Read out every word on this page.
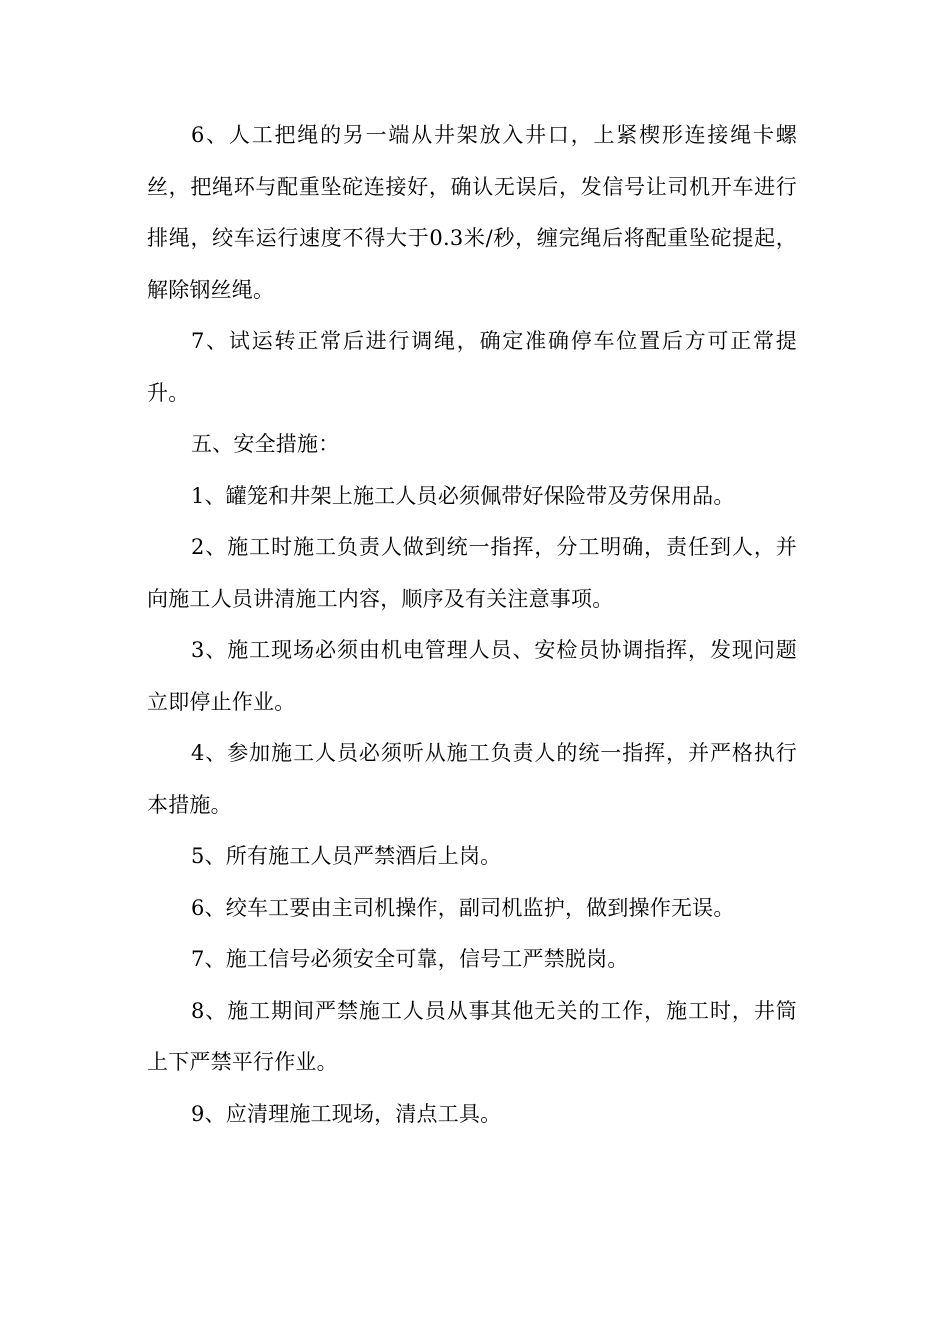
6、人工把绳的另一端从井架放入井口，上紧楔形连接绳卡螺丝，把绳环与配重坠砣连接好，确认无误后，发信号让司机开车进行排绳，绞车运行速度不得大于0.3米/秒，缠完绳后将配重坠砣提起，解除钢丝绳。

7、试运转正常后进行调绳，确定准确停车位置后方可正常提升。

五、安全措施：

1、罐笼和井架上施工人员必须佩带好保险带及劳保用品。

2、施工时施工负责人做到统一指挥，分工明确，责任到人，并向施工人员讲清施工内容，顺序及有关注意事项。

3、施工现场必须由机电管理人员、安检员协调指挥，发现问题立即停止作业。

4、参加施工人员必须听从施工负责人的统一指挥，并严格执行本措施。

5、所有施工人员严禁酒后上岗。

6、绞车工要由主司机操作，副司机监护，做到操作无误。

7、施工信号必须安全可靠，信号工严禁脱岗。

8、施工期间严禁施工人员从事其他无关的工作，施工时，井筒上下严禁平行作业。

9、应清理施工现场，清点工具。
